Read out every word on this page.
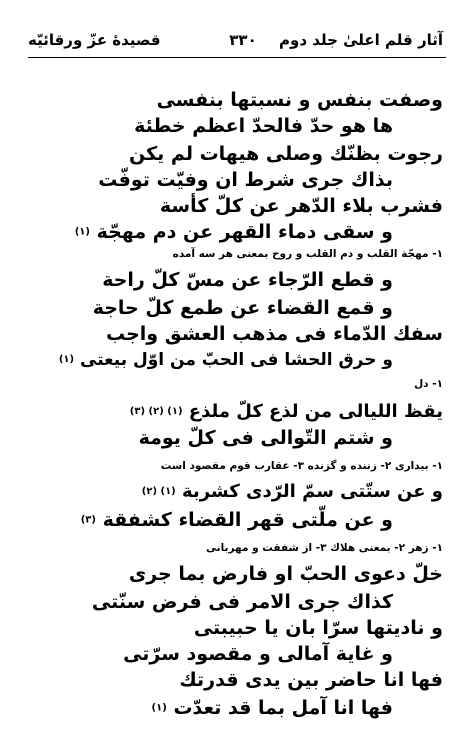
آثار قلم اعلیٰ جلد دوم
۳۳۰
قصیدهٔ عزّ ورقائیّه
وصفت بنفس و نسبتها بنفسی
ها هو حدّ فالحدّ اعظم خطئة
رجوت بظنّك وصلی هیهات لم یكن
بذاك جری شرط ان وفیّت توفّت
فشرب بلاء الدّهر عن كلّ كأسة
و سقی دماء القهر عن دم مهجّة (۱)
۱- مهجّة القلب و دم القلب و روح بمعنی هر سه آمده
و قطع الرّجاء عن مسّ كلّ راحة
و قمع القضاء عن طمع كلّ حاجة
سفك الدّماء فی مذهب العشق واجب
و حرق الحشا فی الحبّ من اوّل بیعتی (۱)
۱- دل
یقظ اللیالی من لذع كلّ ملذع (۱) (۲) (۳)
و شتم التّوالی فی كلّ یومة
۱- بیداری ۲- زننده و گزنده ۳- عقارب قوم مقصود است
و عن ستّتی سمّ الرّدی کشربة (۱) (۲)
و عن ملّتی قهر القضاء كشفقة (۳)
۱- زهر ۲- بمعنی هلاك ۳- از شفقت و مهربانی
خلّ دعوی الحبّ او فارض بما جری
كذاك جری الامر فی فرض سنّتی
و نادیتها سرّا بان یا حبیبتی
و غایة آمالی و مقصود سرّتی
فها انا حاضر بین یدی قدرتك
فها انا آمل بما قد تعدّت (۱)
